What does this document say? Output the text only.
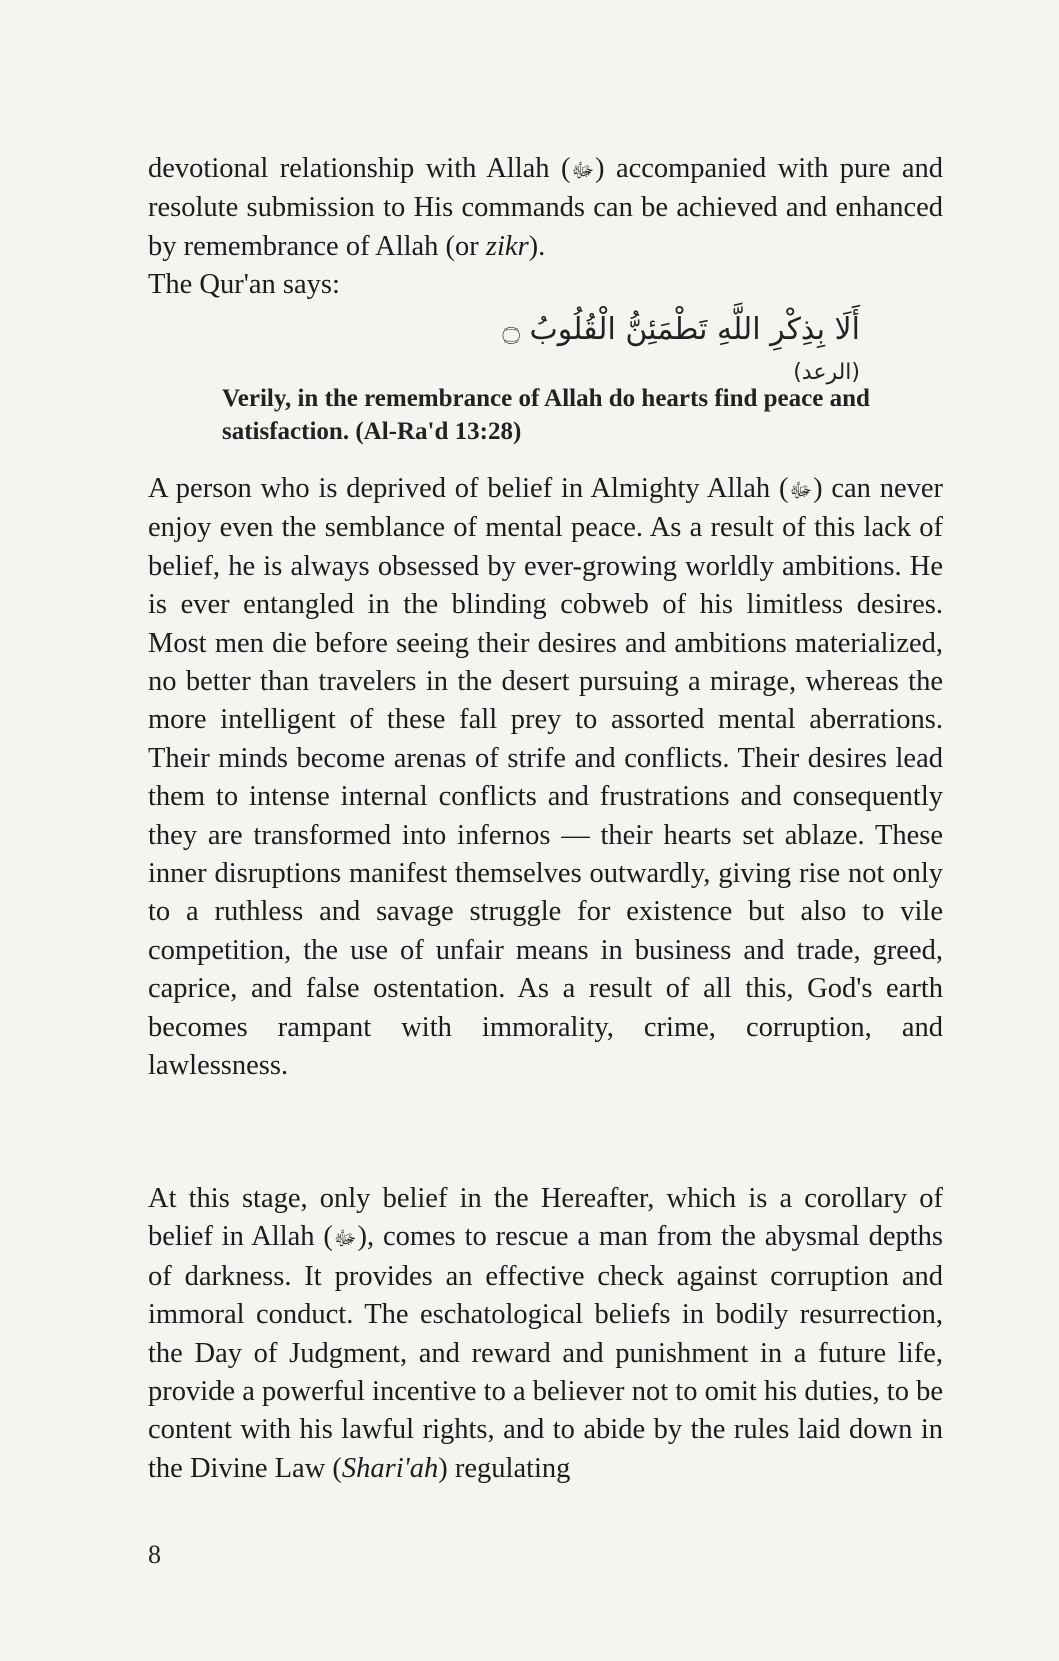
devotional relationship with Allah (ﷻ) accompanied with pure and resolute submission to His commands can be achieved and enhanced by remembrance of Allah (or zikr).
The Qur'an says:
أَلَا بِذِكْرِ اللَّهِ تَطْمَئِنُّ الْقُلُوبُ ۝ (الرعد)
Verily, in the remembrance of Allah do hearts find peace and satisfaction. (Al-Ra'd 13:28)
A person who is deprived of belief in Almighty Allah (ﷻ) can never enjoy even the semblance of mental peace. As a result of this lack of belief, he is always obsessed by ever-growing worldly ambitions. He is ever entangled in the blinding cobweb of his limitless desires. Most men die before seeing their desires and ambitions materialized, no better than travelers in the desert pursuing a mirage, whereas the more intelligent of these fall prey to assorted mental aberrations. Their minds become arenas of strife and conflicts. Their desires lead them to intense internal conflicts and frustrations and consequently they are transformed into infernos — their hearts set ablaze. These inner disruptions manifest themselves outwardly, giving rise not only to a ruthless and savage struggle for existence but also to vile competition, the use of unfair means in business and trade, greed, caprice, and false ostentation. As a result of all this, God's earth becomes rampant with immorality, crime, corruption, and lawlessness.
At this stage, only belief in the Hereafter, which is a corollary of belief in Allah (ﷻ), comes to rescue a man from the abysmal depths of darkness. It provides an effective check against corruption and immoral conduct. The eschatological beliefs in bodily resurrection, the Day of Judgment, and reward and punishment in a future life, provide a powerful incentive to a believer not to omit his duties, to be content with his lawful rights, and to abide by the rules laid down in the Divine Law (Shari'ah) regulating
8
